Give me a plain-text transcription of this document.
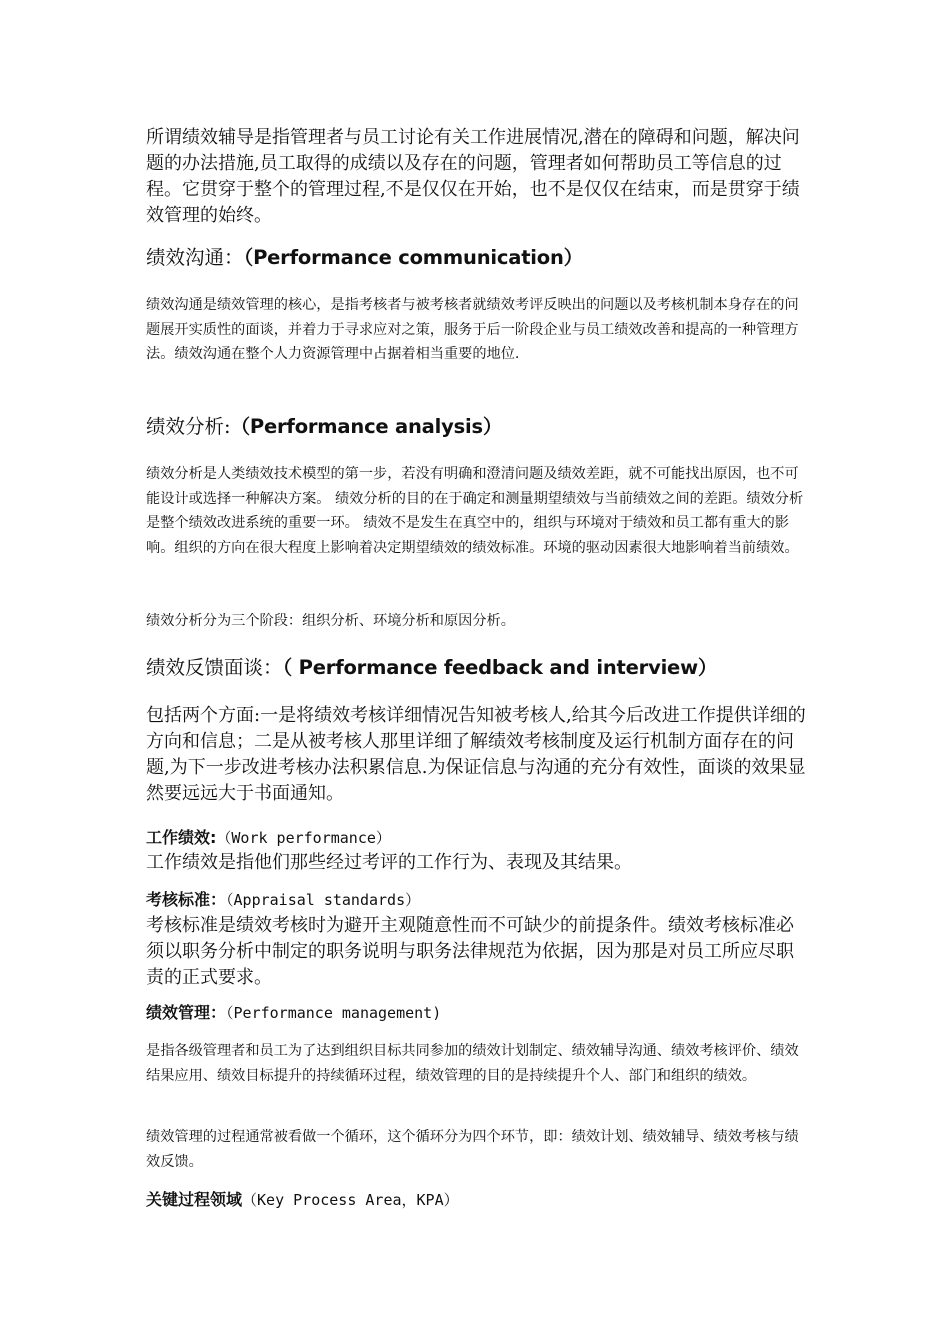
所谓绩效辅导是指管理者与员工讨论有关工作进展情况,潜在的障碍和问题，解决问题的办法措施,员工取得的成绩以及存在的问题，管理者如何帮助员工等信息的过程。它贯穿于整个的管理过程,不是仅仅在开始，也不是仅仅在结束，而是贯穿于绩效管理的始终。

绩效沟通：（Performance communication）

绩效沟通是绩效管理的核心，是指考核者与被考核者就绩效考评反映出的问题以及考核机制本身存在的问题展开实质性的面谈，并着力于寻求应对之策，服务于后一阶段企业与员工绩效改善和提高的一种管理方法。绩效沟通在整个人力资源管理中占据着相当重要的地位.

绩效分析:（Performance analysis）

绩效分析是人类绩效技术模型的第一步，若没有明确和澄清问题及绩效差距，就不可能找出原因，也不可能设计或选择一种解决方案。 绩效分析的目的在于确定和测量期望绩效与当前绩效之间的差距。绩效分析是整个绩效改进系统的重要一环。 绩效不是发生在真空中的，组织与环境对于绩效和员工都有重大的影响。组织的方向在很大程度上影响着决定期望绩效的绩效标准。环境的驱动因素很大地影响着当前绩效。

绩效分析分为三个阶段：组织分析、环境分析和原因分析。

绩效反馈面谈：（ Performance feedback and interview）

包括两个方面:一是将绩效考核详细情况告知被考核人,给其今后改进工作提供详细的方向和信息；二是从被考核人那里详细了解绩效考核制度及运行机制方面存在的问题,为下一步改进考核办法积累信息.为保证信息与沟通的充分有效性，面谈的效果显然要远远大于书面通知。

工作绩效:（Work performance）

工作绩效是指他们那些经过考评的工作行为、表现及其结果。

考核标准：（Appraisal standards）

考核标准是绩效考核时为避开主观随意性而不可缺少的前提条件。绩效考核标准必须以职务分析中制定的职务说明与职务法律规范为依据，因为那是对员工所应尽职责的正式要求。

绩效管理：（Performance management)

是指各级管理者和员工为了达到组织目标共同参加的绩效计划制定、绩效辅导沟通、绩效考核评价、绩效结果应用、绩效目标提升的持续循环过程，绩效管理的目的是持续提升个人、部门和组织的绩效。

绩效管理的过程通常被看做一个循环，这个循环分为四个环节，即：绩效计划、绩效辅导、绩效考核与绩效反馈。

关键过程领域（Key Process Area，KPA）
